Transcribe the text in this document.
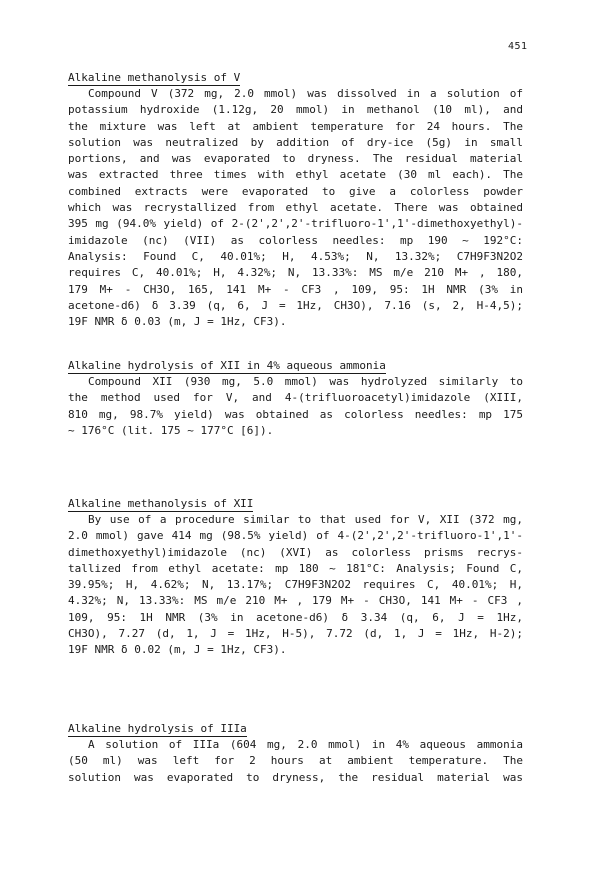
451
Alkaline methanolysis of V
Compound V (372 mg, 2.0 mmol) was dissolved in a solution of
potassium hydroxide (1.12g, 20 mmol) in methanol (10 ml), and
the mixture was left at ambient temperature for 24 hours. The
solution was neutralized by addition of dry-ice (5g) in small
portions, and was evaporated to dryness. The residual material
was extracted three times with ethyl acetate (30 ml each). The
combined extracts were evaporated to give a colorless powder
which was recrystallized from ethyl acetate. There was obtained
395 mg (94.0% yield) of 2-(2',2',2'-trifluoro-1',1'-dimethoxyethyl)-
imidazole (nc) (VII) as colorless needles: mp 190 ~ 192°C:
Analysis: Found C, 40.01%; H, 4.53%; N, 13.32%; C7H9F3N2O2
requires C, 40.01%; H, 4.32%; N, 13.33%: MS m/e 210 M+ , 180,
179 M+ - CH3O, 165, 141 M+ - CF3 , 109, 95: 1H NMR (3% in
acetone-d6) δ 3.39 (q, 6, J = 1Hz, CH3O), 7.16 (s, 2, H-4,5);
19F NMR δ 0.03 (m, J = 1Hz, CF3).
Alkaline hydrolysis of XII in 4% aqueous ammonia
Compound XII (930 mg, 5.0 mmol) was hydrolyzed similarly to
the method used for V, and 4-(trifluoroacetyl)imidazole (XIII,
810 mg, 98.7% yield) was obtained as colorless needles: mp 175
~ 176°C (lit. 175 ~ 177°C [6]).
Alkaline methanolysis of XII
By use of a procedure similar to that used for V, XII (372 mg,
2.0 mmol) gave 414 mg (98.5% yield) of 4-(2',2',2'-trifluoro-1',1'-
dimethoxyethyl)imidazole (nc) (XVI) as colorless prisms recrys-
tallized from ethyl acetate: mp 180 ~ 181°C: Analysis; Found C,
39.95%; H, 4.62%; N, 13.17%; C7H9F3N2O2 requires C, 40.01%; H,
4.32%; N, 13.33%: MS m/e 210 M+ , 179 M+ - CH3O, 141 M+ - CF3 ,
109, 95: 1H NMR (3% in acetone-d6) δ 3.34 (q, 6, J = 1Hz,
CH3O), 7.27 (d, 1, J = 1Hz, H-5), 7.72 (d, 1, J = 1Hz, H-2);
19F NMR δ 0.02 (m, J = 1Hz, CF3).
Alkaline hydrolysis of IIIa
A solution of IIIa (604 mg, 2.0 mmol) in 4% aqueous ammonia
(50 ml) was left for 2 hours at ambient temperature. The
solution was evaporated to dryness, the residual material was
